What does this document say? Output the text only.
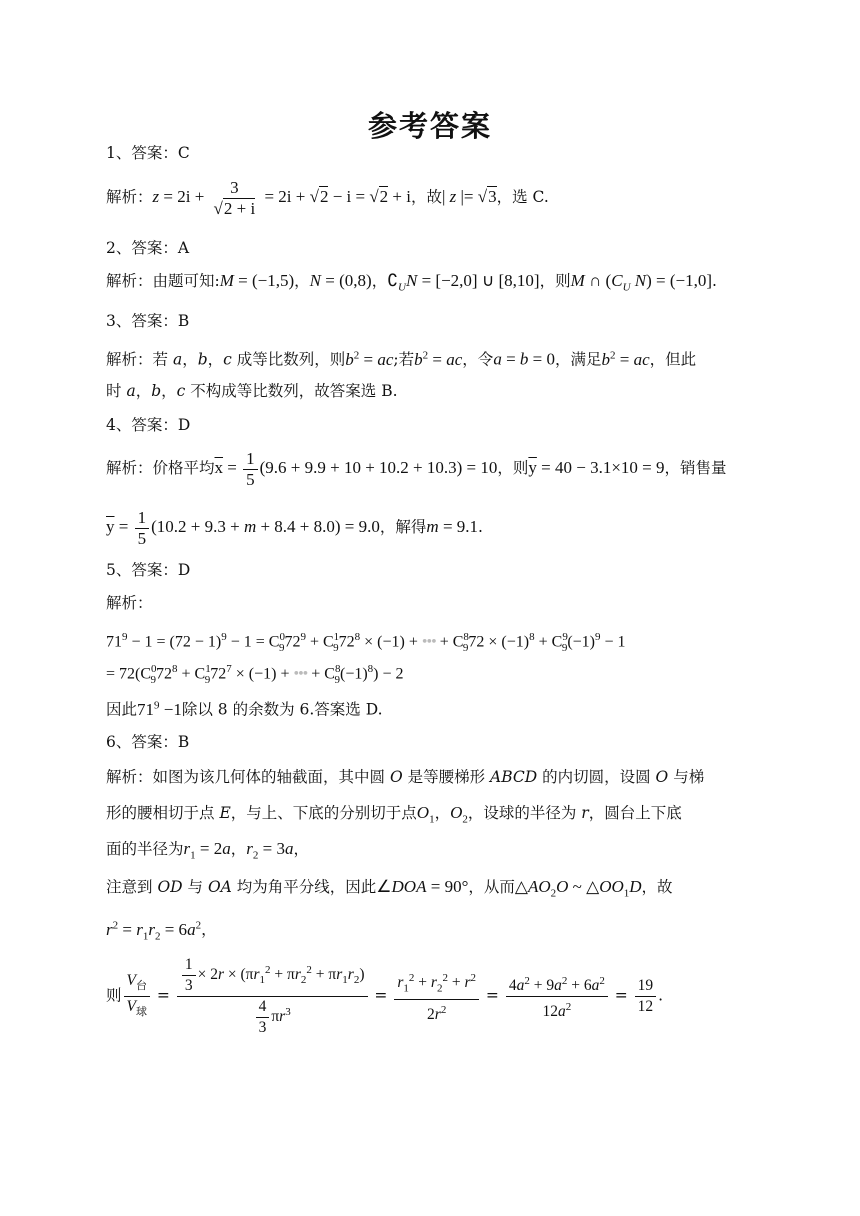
参考答案
1、答案：C
解析：$z = 2i + \frac{3}{√2 + i} = 2i + √2 - i = √2 + i$，故| z |= √3，选 C.
2、答案：A
解析：由题可知:M = (−1,5)，N = (0,8)，$∁_UN = [-2,0]$ ∪ [8,10]，则M ∩ ($C_U$ N) = (−1,0].
3、答案：B
解析：若 a，b，c 成等比数列，则$b^2$ = ac;若$b^2$ = ac，令a = b = 0，满足$b^2$ = ac，但此
时 a，b，c 不构成等比数列，故答案选 B.
4、答案：D
解析：价格平均$\overline{x} = \frac{1}{5} (9.6 + 9.9 + 10 + 10.2 + 10.3) = 10$，则$\overline{y} = 40 - 3.1\times 10 = 9$，销售量
$\overline{y} = \frac{1}{5} (10.2 + 9.3 + m + 8.4 + 8.0) = 9.0$，解得m = 9.1.
5、答案：D
解析：
$71^9 - 1 = (72 - 1)^9 - 1 = C^0_972^9 + C^1_972^8 \times (-1)$ + ••• + $C^8_972 \times (-1)^8 + C^9_9(-1)^9 - 1$
= $72(C^0_972^8 + C^1_972^7 \times (-1)$ + ••• + $C^8_9(-1)^8) - 2$
因此$71^9 -1$除以 8 的余数为 6.答案选 D.
6、答案：B
解析：如图为该几何体的轴截面，其中圆 O 是等腰梯形 ABCD 的内切圆，设圆 O 与梯
形的腰相切于点 E，与上、下底的分别切于点$O_1$，$O_2$，设球的半径为 r，圆台上下底
面的半径为$r_1 = 2a$，$r_2 = 3a$，
注意到 OD 与 OA 均为角平分线，因此∠DOA = 90°，从而$\triangle AO_2O$ ~ $\triangle OO_1D$，故
$r^2 = r_1r_2 = 6a^2$，
则 $\frac{V_台}{V_球} = \frac{\frac{1}{3} \times 2r \times (\pi r_1^2 + \pi r_2^2 + \pi r_1r_2)}{\frac{4}{3} \pi r^3} = \frac{r_1^2 + r_2^2 + r^2}{2r^2} = \frac{4a^2 + 9a^2 + 6a^2}{12a^2} = \frac{19}{12}$ .
